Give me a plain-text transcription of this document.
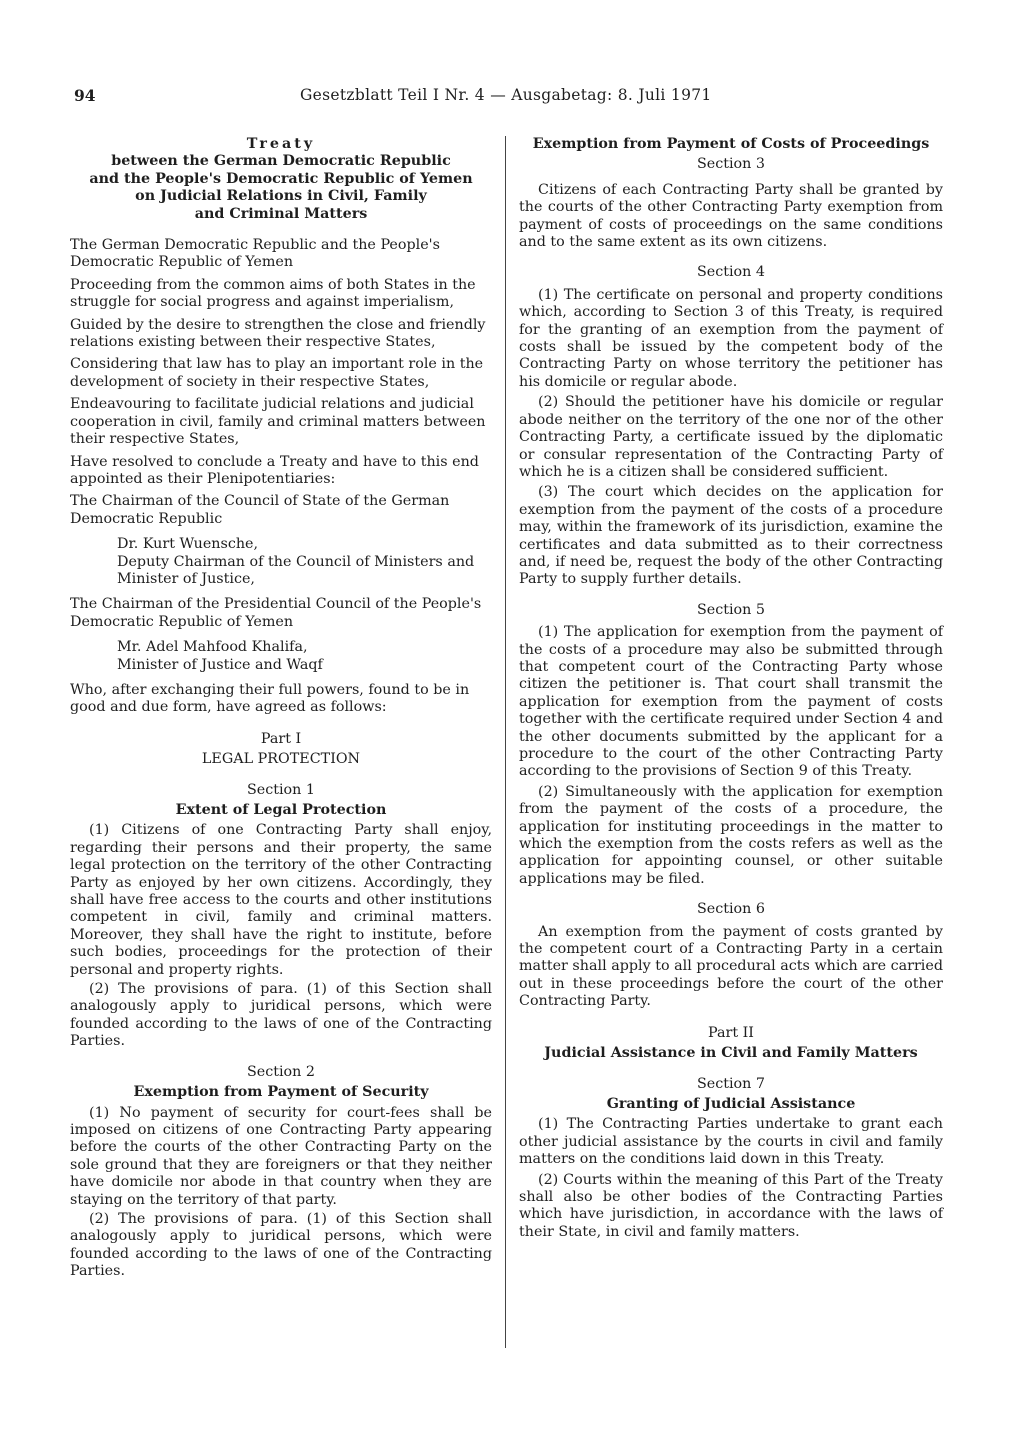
94	Gesetzblatt Teil I Nr. 4 — Ausgabetag: 8. Juli 1971

Treaty

between the German Democratic Republic

and the People's Democratic Republic of Yemen

on Judicial Relations in Civil, Family

and Criminal Matters

The German Democratic Republic and the People's Democratic Republic of Yemen

Proceeding from the common aims of both States in the struggle for social progress and against imperialism,

Guided by the desire to strengthen the close and friendly relations existing between their respective States,

Considering that law has to play an important role in the development of society in their respective States,

Endeavouring to facilitate judicial relations and judicial cooperation in civil, family and criminal matters between their respective States,

Have resolved to conclude a Treaty and have to this end appointed as their Plenipotentiaries:

The Chairman of the Council of State of the German Democratic Republic

Dr. Kurt Wuensche,

Deputy Chairman of the Council of Ministers and Minister of Justice,

The Chairman of the Presidential Council of the People's Democratic Republic of Yemen

Mr. Adel Mahfood Khalifa,

Minister of Justice and Waqf

Who, after exchanging their full powers, found to be in good and due form, have agreed as follows:

Part I

LEGAL PROTECTION

Section 1

Extent of Legal Protection

(1) Citizens of one Contracting Party shall enjoy, regarding their persons and their property, the same legal protection on the territory of the other Contracting Party as enjoyed by her own citizens. Accordingly, they shall have free access to the courts and other institutions competent in civil, family and criminal matters. Moreover, they shall have the right to institute, before such bodies, proceedings for the protection of their personal and property rights.

(2) The provisions of para. (1) of this Section shall analogously apply to juridical persons, which were founded according to the laws of one of the Contracting Parties.

Section 2

Exemption from Payment of Security

(1) No payment of security for court-fees shall be imposed on citizens of one Contracting Party appearing before the courts of the other Contracting Party on the sole ground that they are foreigners or that they neither have domicile nor abode in that country when they are staying on the territory of that party.

(2) The provisions of para. (1) of this Section shall analogously apply to juridical persons, which were founded according to the laws of one of the Contracting Parties.

Exemption from Payment of Costs of Proceedings

Section 3

Citizens of each Contracting Party shall be granted by the courts of the other Contracting Party exemption from payment of costs of proceedings on the same conditions and to the same extent as its own citizens.

Section 4

(1) The certificate on personal and property conditions which, according to Section 3 of this Treaty, is required for the granting of an exemption from the payment of costs shall be issued by the competent body of the Contracting Party on whose territory the petitioner has his domicile or regular abode.

(2) Should the petitioner have his domicile or regular abode neither on the territory of the one nor of the other Contracting Party, a certificate issued by the diplomatic or consular representation of the Contracting Party of which he is a citizen shall be considered sufficient.

(3) The court which decides on the application for exemption from the payment of the costs of a procedure may, within the framework of its jurisdiction, examine the certificates and data submitted as to their correctness and, if need be, request the body of the other Contracting Party to supply further details.

Section 5

(1) The application for exemption from the payment of the costs of a procedure may also be submitted through that competent court of the Contracting Party whose citizen the petitioner is. That court shall transmit the application for exemption from the payment of costs together with the certificate required under Section 4 and the other documents submitted by the applicant for a procedure to the court of the other Contracting Party according to the provisions of Section 9 of this Treaty.

(2) Simultaneously with the application for exemption from the payment of the costs of a procedure, the application for instituting proceedings in the matter to which the exemption from the costs refers as well as the application for appointing counsel, or other suitable applications may be filed.

Section 6

An exemption from the payment of costs granted by the competent court of a Contracting Party in a certain matter shall apply to all procedural acts which are carried out in these proceedings before the court of the other Contracting Party.

Part II

Judicial Assistance in Civil and Family Matters

Section 7

Granting of Judicial Assistance

(1) The Contracting Parties undertake to grant each other judicial assistance by the courts in civil and family matters on the conditions laid down in this Treaty.

(2) Courts within the meaning of this Part of the Treaty shall also be other bodies of the Contracting Parties which have jurisdiction, in accordance with the laws of their State, in civil and family matters.
